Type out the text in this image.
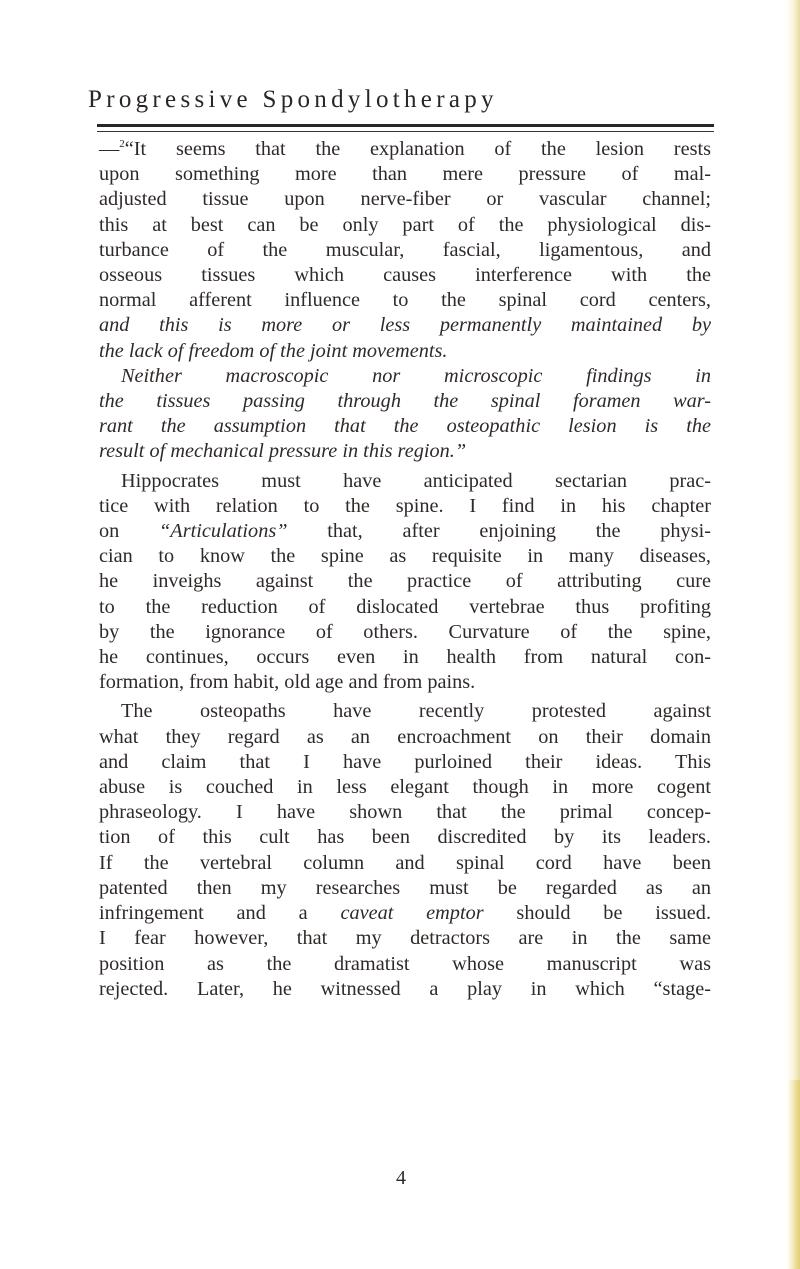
Progressive Spondylotherapy
—$^2$“It seems that the explanation of the lesion rests
upon something more than mere pressure of mal-
adjusted tissue upon nerve-fiber or vascular channel;
this at best can be only part of the physiological dis-
turbance of the muscular, fascial, ligamentous, and
osseous tissues which causes interference with the
normal afferent influence to the spinal cord centers,
and this is more or less permanently maintained by
the lack of freedom of the joint movements.
Neither macroscopic nor microscopic findings in
the tissues passing through the spinal foramen war-
rant the assumption that the osteopathic lesion is the
result of mechanical pressure in this region.”
Hippocrates must have anticipated sectarian prac-
tice with relation to the spine. I find in his chapter
on “Articulations” that, after enjoining the physi-
cian to know the spine as requisite in many diseases,
he inveighs against the practice of attributing cure
to the reduction of dislocated vertebrae thus profiting
by the ignorance of others. Curvature of the spine,
he continues, occurs even in health from natural con-
formation, from habit, old age and from pains.
The osteopaths have recently protested against
what they regard as an encroachment on their domain
and claim that I have purloined their ideas. This
abuse is couched in less elegant though in more cogent
phraseology. I have shown that the primal concep-
tion of this cult has been discredited by its leaders.
If the vertebral column and spinal cord have been
patented then my researches must be regarded as an
infringement and a caveat emptor should be issued.
I fear however, that my detractors are in the same
position as the dramatist whose manuscript was
rejected. Later, he witnessed a play in which “stage-
4
